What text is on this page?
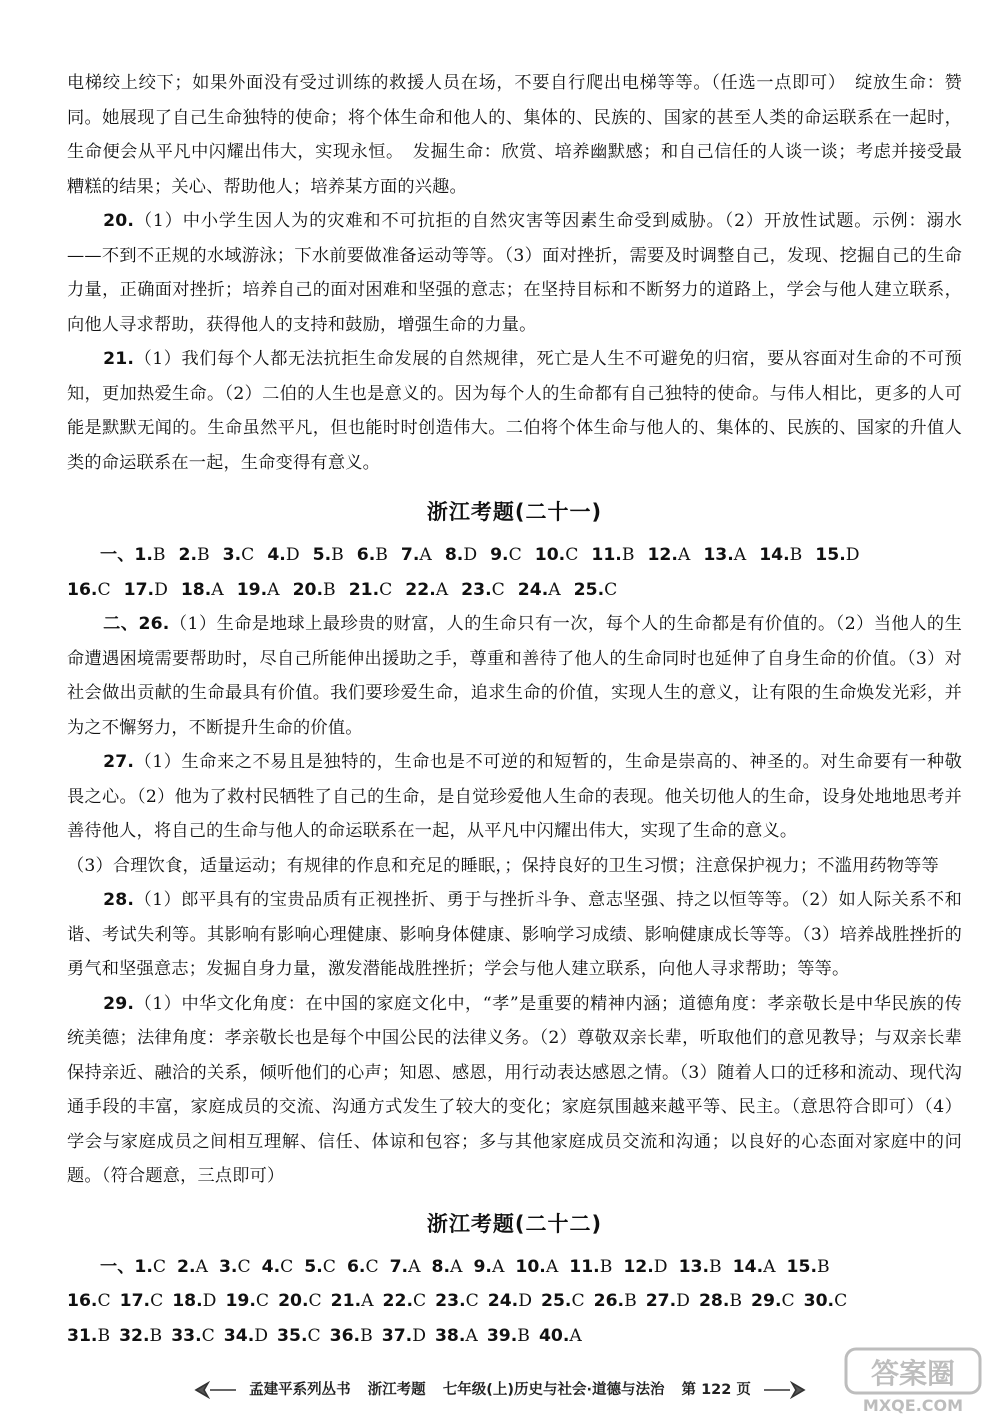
电梯绞上绞下；如果外面没有受过训练的救援人员在场，不要自行爬出电梯等等。（任选一点即可）　绽放生命：赞同。她展现了自己生命独特的使命；将个体生命和他人的、集体的、民族的、国家的甚至人类的命运联系在一起时，生命便会从平凡中闪耀出伟大，实现永恒。　发掘生命：欣赏、培养幽默感；和自己信任的人谈一谈；考虑并接受最糟糕的结果；关心、帮助他人；培养某方面的兴趣。

20.（1）中小学生因人为的灾难和不可抗拒的自然灾害等因素生命受到威胁。（2）开放性试题。示例：溺水——不到不正规的水域游泳；下水前要做准备运动等等。（3）面对挫折，需要及时调整自己，发现、挖掘自己的生命力量，正确面对挫折；培养自己的面对困难和坚强的意志；在坚持目标和不断努力的道路上，学会与他人建立联系，向他人寻求帮助，获得他人的支持和鼓励，增强生命的力量。

21.（1）我们每个人都无法抗拒生命发展的自然规律，死亡是人生不可避免的归宿，要从容面对生命的不可预知，更加热爱生命。（2）二伯的人生也是意义的。因为每个人的生命都有自己独特的使命。与伟人相比，更多的人可能是默默无闻的。生命虽然平凡，但也能时时创造伟大。二伯将个体生命与他人的、集体的、民族的、国家的升值人类的命运联系在一起，生命变得有意义。

浙江考题(二十一)
一、1.B 2.B 3.C 4.D 5.B 6.B 7.A 8.D 9.C 10.C 11.B 12.A 13.A 14.B 15.D
16.C 17.D 18.A 19.A 20.B 21.C 22.A 23.C 24.A 25.C

二、26.（1）生命是地球上最珍贵的财富，人的生命只有一次，每个人的生命都是有价值的。（2）当他人的生命遭遇困境需要帮助时，尽自己所能伸出援助之手，尊重和善待了他人的生命同时也延伸了自身生命的价值。（3）对社会做出贡献的生命最具有价值。我们要珍爱生命，追求生命的价值，实现人生的意义，让有限的生命焕发光彩，并为之不懈努力，不断提升生命的价值。

27.（1）生命来之不易且是独特的，生命也是不可逆的和短暂的，生命是崇高的、神圣的。对生命要有一种敬畏之心。（2）他为了救村民牺牲了自己的生命，是自觉珍爱他人生命的表现。他关切他人的生命，设身处地地思考并善待他人，将自己的生命与他人的命运联系在一起，从平凡中闪耀出伟大，实现了生命的意义。

（3）合理饮食，适量运动；有规律的作息和充足的睡眠，；保持良好的卫生习惯；注意保护视力；不滥用药物等等

28.（1）郎平具有的宝贵品质有正视挫折、勇于与挫折斗争、意志坚强、持之以恒等等。（2）如人际关系不和谐、考试失利等。其影响有影响心理健康、影响身体健康、影响学习成绩、影响健康成长等等。（3）培养战胜挫折的勇气和坚强意志；发掘自身力量，激发潜能战胜挫折；学会与他人建立联系，向他人寻求帮助；等等。

29.（1）中华文化角度：在中国的家庭文化中，“孝”是重要的精神内涵；道德角度：孝亲敬长是中华民族的传统美德；法律角度：孝亲敬长也是每个中国公民的法律义务。（2）尊敬双亲长辈，听取他们的意见教导；与双亲长辈保持亲近、融洽的关系，倾听他们的心声；知恩、感恩，用行动表达感恩之情。（3）随着人口的迁移和流动、现代沟通手段的丰富，家庭成员的交流、沟通方式发生了较大的变化；家庭氛围越来越平等、民主。（意思符合即可）（4）学会与家庭成员之间相互理解、信任、体谅和包容；多与其他家庭成员交流和沟通；以良好的心态面对家庭中的问题。（符合题意，三点即可）

浙江考题(二十二)
一、1.C 2.A 3.C 4.C 5.C 6.C 7.A 8.A 9.A 10.A 11.B 12.D 13.B 14.A 15.B
16.C 17.C 18.D 19.C 20.C 21.A 22.C 23.C 24.D 25.C 26.B 27.D 28.B 29.C 30.C
31.B 32.B 33.C 34.D 35.C 36.B 37.D 38.A 39.B 40.A
孟建平系列丛书 浙江考题 七年级(上)历史与社会·道德与法治 第 122 页	答案圈
MXQE.COM
